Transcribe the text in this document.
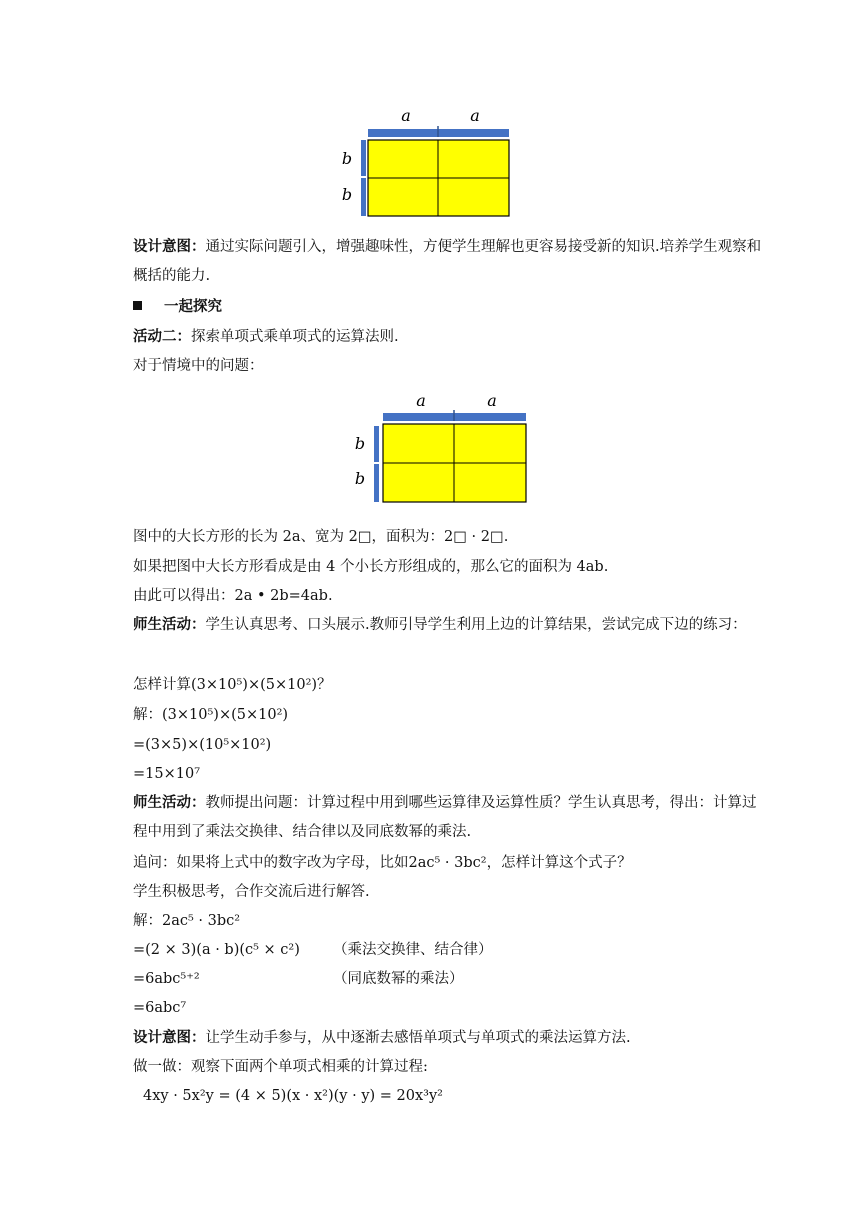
a	a
b
b
设计意图：通过实际问题引入，增强趣味性，方便学生理解也更容易接受新的知识.培养学生观察和概括的能力.
一起探究
活动二：探索单项式乘单项式的运算法则.
对于情境中的问题：
a	a
b
b
图中的大长方形的长为 2a、宽为 2□，面积为：2□ · 2□.
如果把图中大长方形看成是由 4 个小长方形组成的，那么它的面积为 4ab.
由此可以得出：2a • 2b=4ab.
师生活动：学生认真思考、口头展示.教师引导学生利用上边的计算结果，尝试完成下边的练习：
怎样计算(3×10⁵)×(5×10²)？
解：(3×10⁵)×(5×10²)
=(3×5)×(10⁵×10²)
=15×10⁷
师生活动：教师提出问题：计算过程中用到哪些运算律及运算性质？学生认真思考，得出：计算过程中用到了乘法交换律、结合律以及同底数幂的乘法.
追问：如果将上式中的数字改为字母，比如2ac⁵ · 3bc²，怎样计算这个式子？
学生积极思考，合作交流后进行解答.
解：2ac⁵ · 3bc²
=(2 × 3)(a · b)(c⁵ × c²) （乘法交换律、结合律）
=6abc⁵⁺²	（同底数幂的乘法）
=6abc⁷
设计意图：让学生动手参与，从中逐渐去感悟单项式与单项式的乘法运算方法.
做一做：观察下面两个单项式相乘的计算过程:
4xy · 5x²y = (4 × 5)(x · x²)(y · y) = 20x³y²
